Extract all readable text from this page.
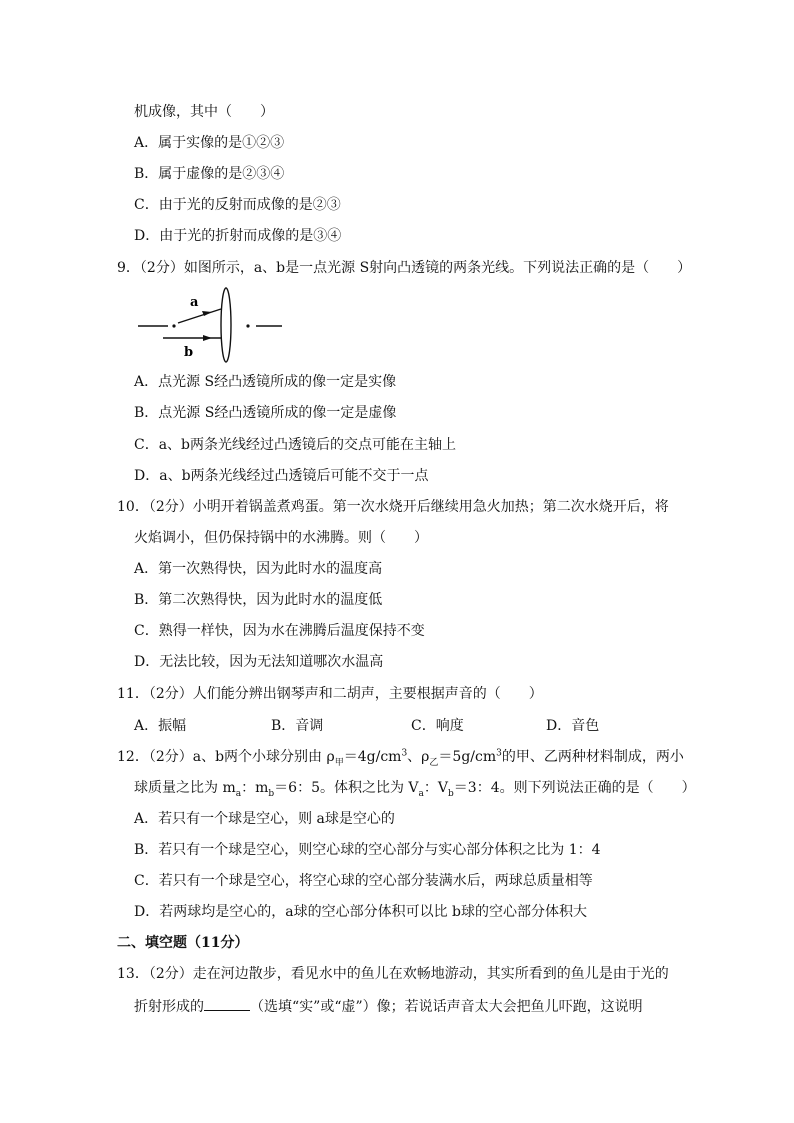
机成像，其中（　　）
A．属于实像的是①②③
B．属于虚像的是②③④
C．由于光的反射而成像的是②③
D．由于光的折射而成像的是③④
9．（2分）如图所示，a、b是一点光源 S射向凸透镜的两条光线。下列说法正确的是（　　）
a
b
A．点光源 S经凸透镜所成的像一定是实像
B．点光源 S经凸透镜所成的像一定是虚像
C．a、b两条光线经过凸透镜后的交点可能在主轴上
D．a、b两条光线经过凸透镜后可能不交于一点
10．（2分）小明开着锅盖煮鸡蛋。第一次水烧开后继续用急火加热；第二次水烧开后，将
火焰调小，但仍保持锅中的水沸腾。则（　　）
A．第一次熟得快，因为此时水的温度高
B．第二次熟得快，因为此时水的温度低
C．熟得一样快，因为水在沸腾后温度保持不变
D．无法比较，因为无法知道哪次水温高
11．（2分）人们能分辨出钢琴声和二胡声，主要根据声音的（　　）
A．振幅	B．音调	C．响度	D．音色
12．（2分）a、b两个小球分别由 $\rho_甲=4g/cm^3$、$\rho_乙=5g/cm^3$的甲、乙两种材料制成，两小
球质量之比为 $m_a$：$m_b=6$：5。体积之比为 $V_a$：$V_b=3$：4。则下列说法正确的是（　　）
A．若只有一个球是空心，则 a球是空心的
B．若只有一个球是空心，则空心球的空心部分与实心部分体积之比为 1：4
C．若只有一个球是空心，将空心球的空心部分装满水后，两球总质量相等
D．若两球均是空心的，a球的空心部分体积可以比 b球的空心部分体积大
二、填空题（11分）
13．（2分）走在河边散步，看见水中的鱼儿在欢畅地游动，其实所看到的鱼儿是由于光的
折射形成的	（选填“实”或“虚”）像；若说话声音太大会把鱼儿吓跑，这说明
